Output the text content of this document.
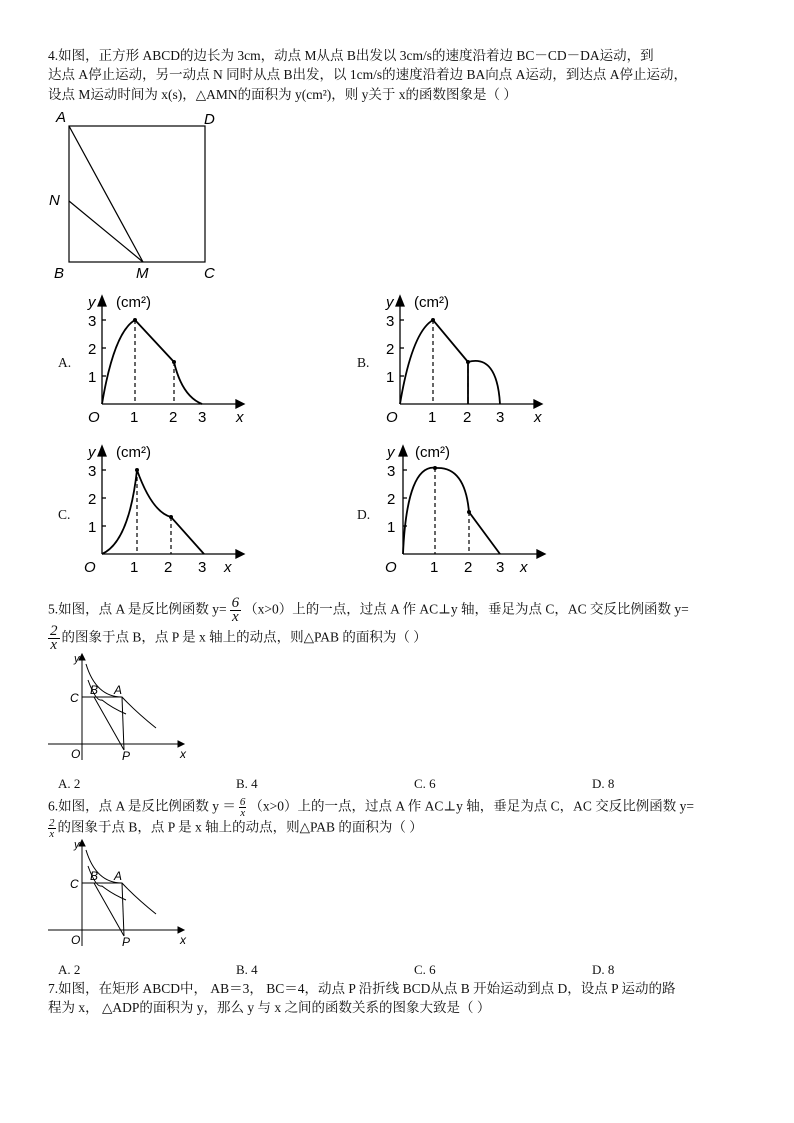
4.如图，正方形 ABCD的边长为 3cm，动点 M从点 B出发以 3cm/s的速度沿着边 BC－CD－DA运动，到
达点 A停止运动，另一动点 N 同时从点 B出发，以 1cm/s的速度沿着边 BA向点 A运动，到达点 A停止运动，
设点 M运动时间为 x(s)，△AMN的面积为 y(cm²)，则 y关于 x的函数图象是（ ）
A	D
N
B	M	C
A.	B.
C.	D.
y (cm²)
x
O 1 2 3
1
2
3
y (cm²)
x
O 1 2 3
1
2
3
y (cm²)
x
O 1 2 3
1
2
3
y (cm²)
x
O 1 2 3
1
2
3
5.如图，点 A 是反比例函数 $y= \frac{6}{x} (x>0)$上的一点，过点 A 作 AC⊥y 轴，垂足为点 C，AC 交反比例函数 y=
$\frac{2}{x}$ 的图象于点 B，点 P 是 x 轴上的动点，则△PAB 的面积为（ ）
y
x
C
B A
O	P
A. 2	B. 4	C. 6	D. 8
6.如图，点 A 是反比例函数 $y = \frac{6}{x} (x>0)$上的一点，过点 A 作 AC⊥y 轴，垂足为点 C，AC 交反比例函数 y=
$\frac{2}{x}$ 的图象于点 B，点 P 是 x 轴上的动点，则△PAB 的面积为（ ）
y
x
C
B A
O	P
A. 2	B. 4	C. 6	D. 8
7.如图，在矩形 ABCD中， AB＝3， BC＝4，动点 P 沿折线 BCD从点 B 开始运动到点 D，设点 P 运动的路
程为 x， △ADP的面积为 y，那么 y 与 x 之间的函数关系的图象大致是（ ）
